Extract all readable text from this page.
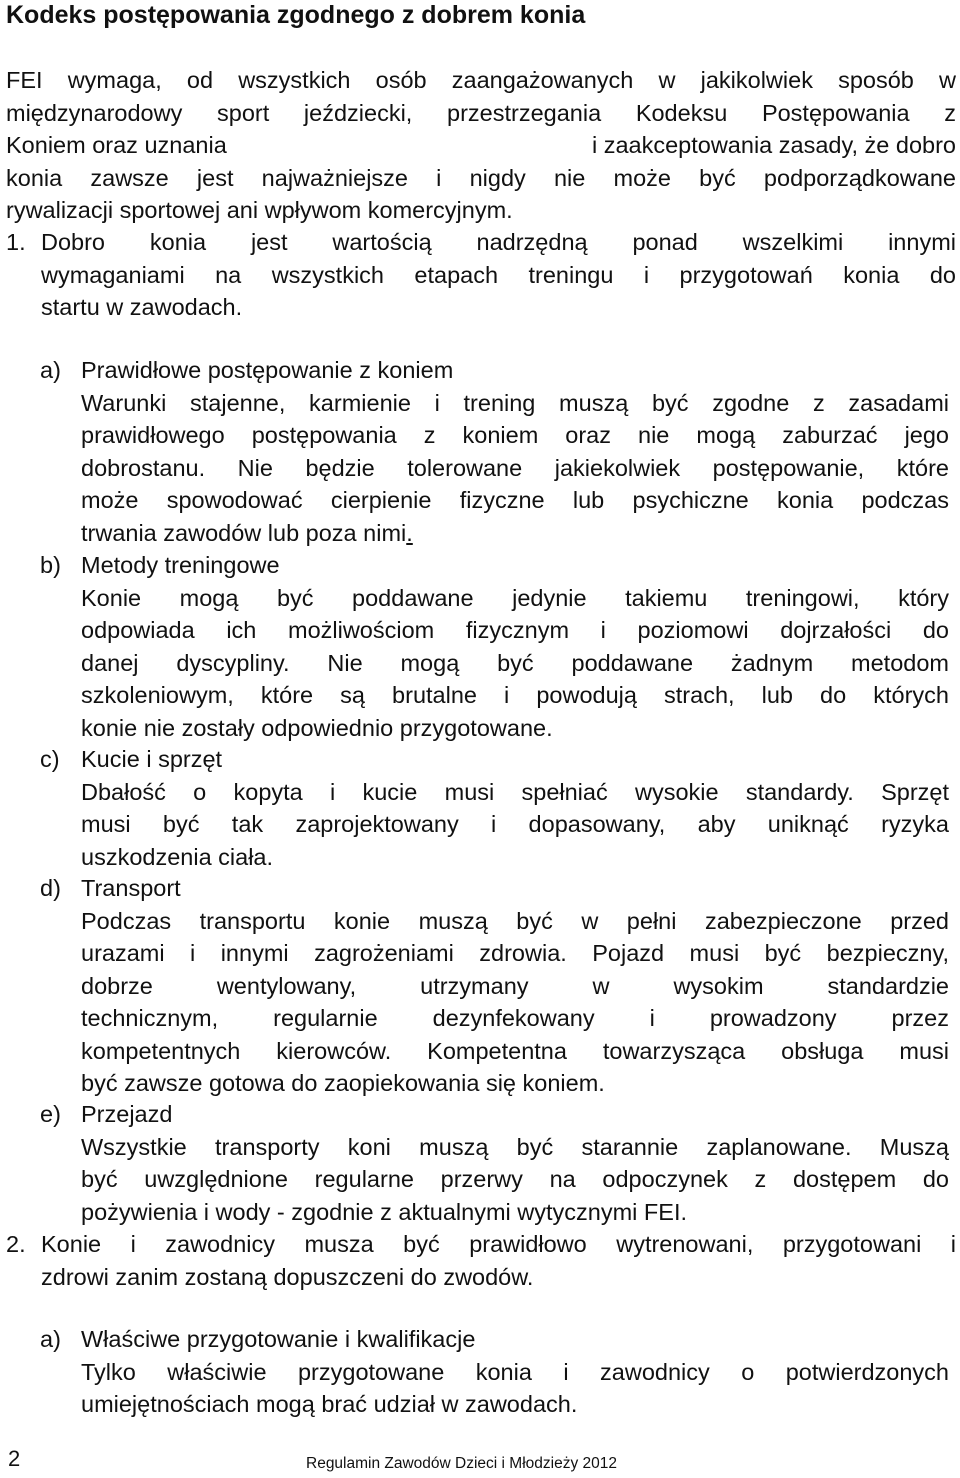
Kodeks postępowania zgodnego z dobrem konia
FEI wymaga, od wszystkich osób zaangażowanych w jakikolwiek sposób w
międzynarodowy sport jeździecki, przestrzegania Kodeksu Postępowania z
Koniem oraz uznania	i zaakceptowania zasady, że dobro
konia zawsze jest najważniejsze i nigdy nie może być podporządkowane
rywalizacji sportowej ani wpływom komercyjnym.
1. Dobro konia jest wartością nadrzędną ponad wszelkimi innymi
wymaganiami na wszystkich etapach treningu i przygotowań konia do
startu w zawodach.
a) Prawidłowe postępowanie z koniem
Warunki stajenne, karmienie i trening muszą być zgodne z zasadami
prawidłowego postępowania z koniem oraz nie mogą zaburzać jego
dobrostanu. Nie będzie tolerowane jakiekolwiek postępowanie, które
może spowodować cierpienie fizyczne lub psychiczne konia podczas
trwania zawodów lub poza nimi.
b) Metody treningowe
Konie mogą być poddawane jedynie takiemu treningowi, który
odpowiada ich możliwościom fizycznym i poziomowi dojrzałości do
danej dyscypliny. Nie mogą być poddawane żadnym metodom
szkoleniowym, które są brutalne i powodują strach, lub do których
konie nie zostały odpowiednio przygotowane.
c) Kucie i sprzęt
Dbałość o kopyta i kucie musi spełniać wysokie standardy. Sprzęt
musi być tak zaprojektowany i dopasowany, aby uniknąć ryzyka
uszkodzenia ciała.
d) Transport
Podczas transportu konie muszą być w pełni zabezpieczone przed
urazami i innymi zagrożeniami zdrowia. Pojazd musi być bezpieczny,
dobrze wentylowany, utrzymany w wysokim standardzie
technicznym, regularnie dezynfekowany i prowadzony przez
kompetentnych kierowców. Kompetentna towarzysząca obsługa musi
być zawsze gotowa do zaopiekowania się koniem.
e) Przejazd
Wszystkie transporty koni muszą być starannie zaplanowane. Muszą
być uwzględnione regularne przerwy na odpoczynek z dostępem do
pożywienia i wody - zgodnie z aktualnymi wytycznymi FEI.
2. Konie i zawodnicy musza być prawidłowo wytrenowani, przygotowani i
zdrowi zanim zostaną dopuszczeni do zwodów.
a) Właściwe przygotowanie i kwalifikacje
Tylko właściwie przygotowane konia i zawodnicy o potwierdzonych
umiejętnościach mogą brać udział w zawodach.
2	Regulamin Zawodów Dzieci i Młodzieży 2012
